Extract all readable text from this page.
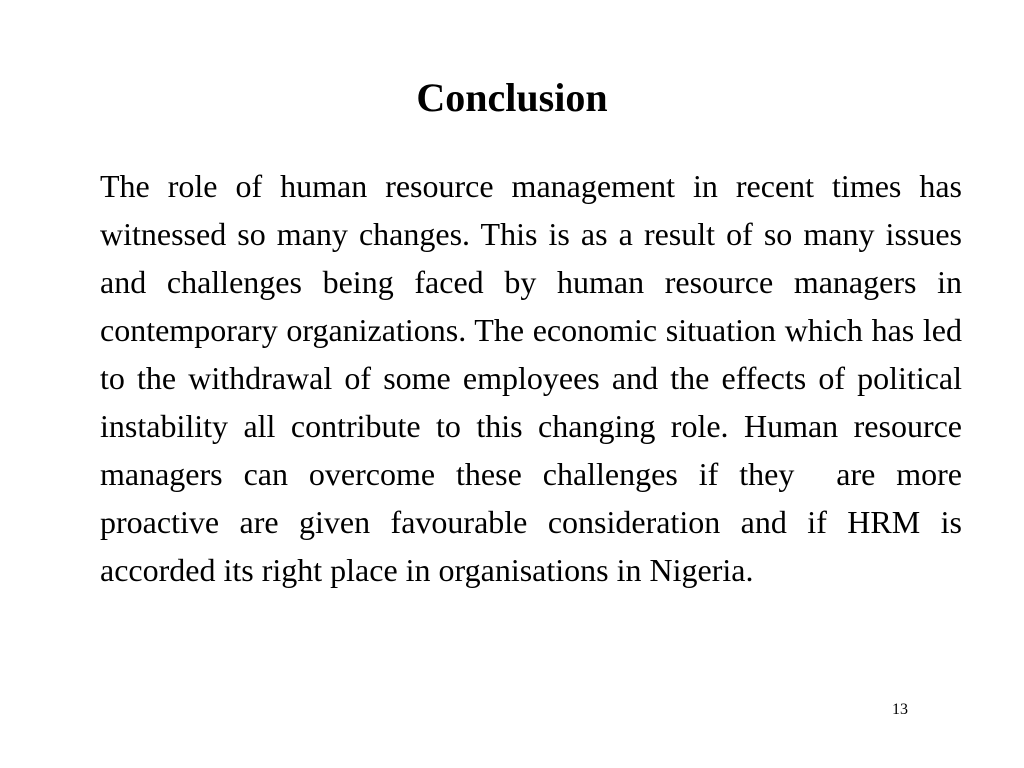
Conclusion

The role of human resource management in recent times has witnessed so many changes. This is as a result of so many issues and challenges being faced by human resource managers in contemporary organizations. The economic situation which has led to the withdrawal of some employees and the effects of political instability all contribute to this changing role. Human resource managers can overcome these challenges if they  are more proactive are given favourable consideration and if HRM is accorded its right place in organisations in Nigeria.

13
